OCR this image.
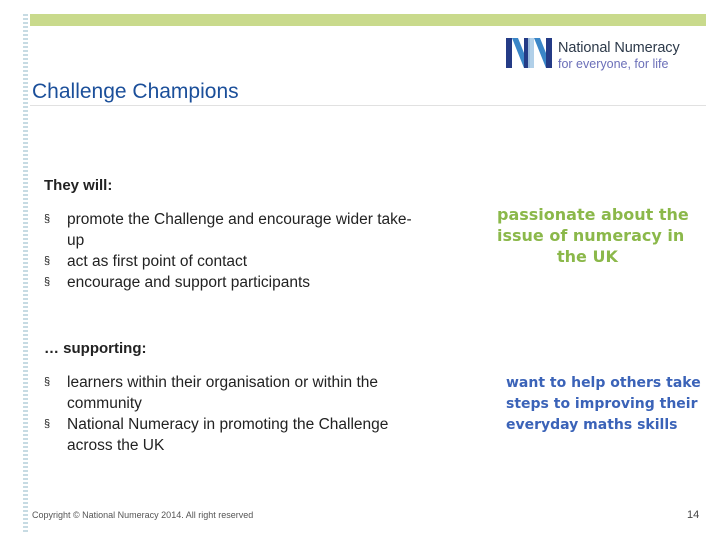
National Numeracy
for everyone, for life
Challenge Champions
They will:
§ promote the Challenge and encourage wider take-
up
§ act as first point of contact
§ encourage and support participants
… supporting:
§ learners within their organisation or within the
community
§ National Numeracy in promoting the Challenge
across the UK
passionate about the
issue of numeracy in
the UK
want to help others take
steps to improving their
everyday maths skills
Copyright © National Numeracy 2014. All right reserved	14
